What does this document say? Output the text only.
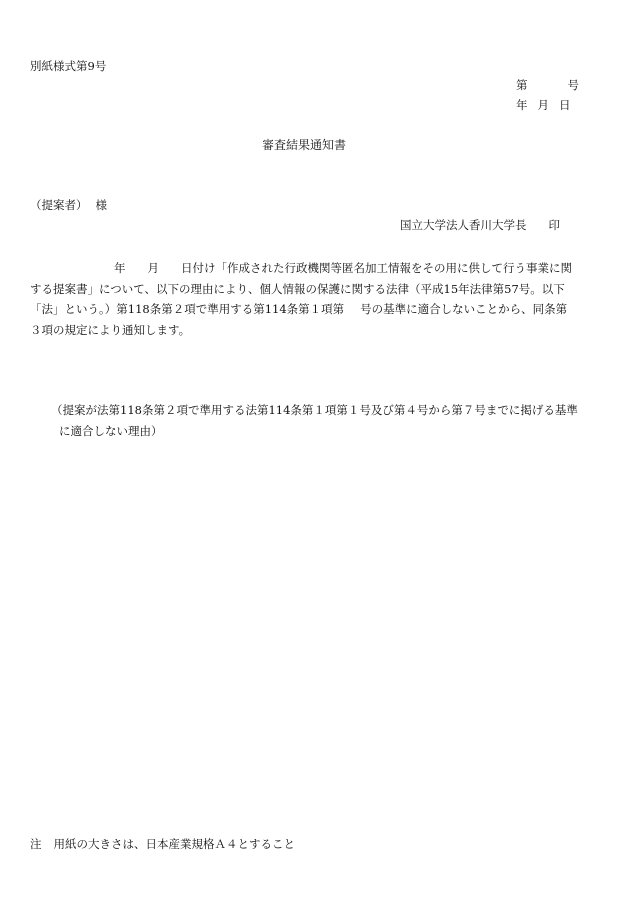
別紙様式第9号
第	号
年 月 日
審査結果通知書
（提案者） 様
国立大学法人香川大学長 印
年 月 日付け「作成された行政機関等匿名加工情報をその用に供して行う事業に関
する提案書」について、以下の理由により、個人情報の保護に関する法律（平成15年法律第57号。以下
「法」という。）第118条第２項で準用する第114条第１項第 号の基準に適合しないことから、同条第
３項の規定により通知します。
（提案が法第118条第２項で準用する法第114条第１項第１号及び第４号から第７号までに掲げる基準
に適合しない理由）
注 用紙の大きさは、日本産業規格Ａ４とすること
